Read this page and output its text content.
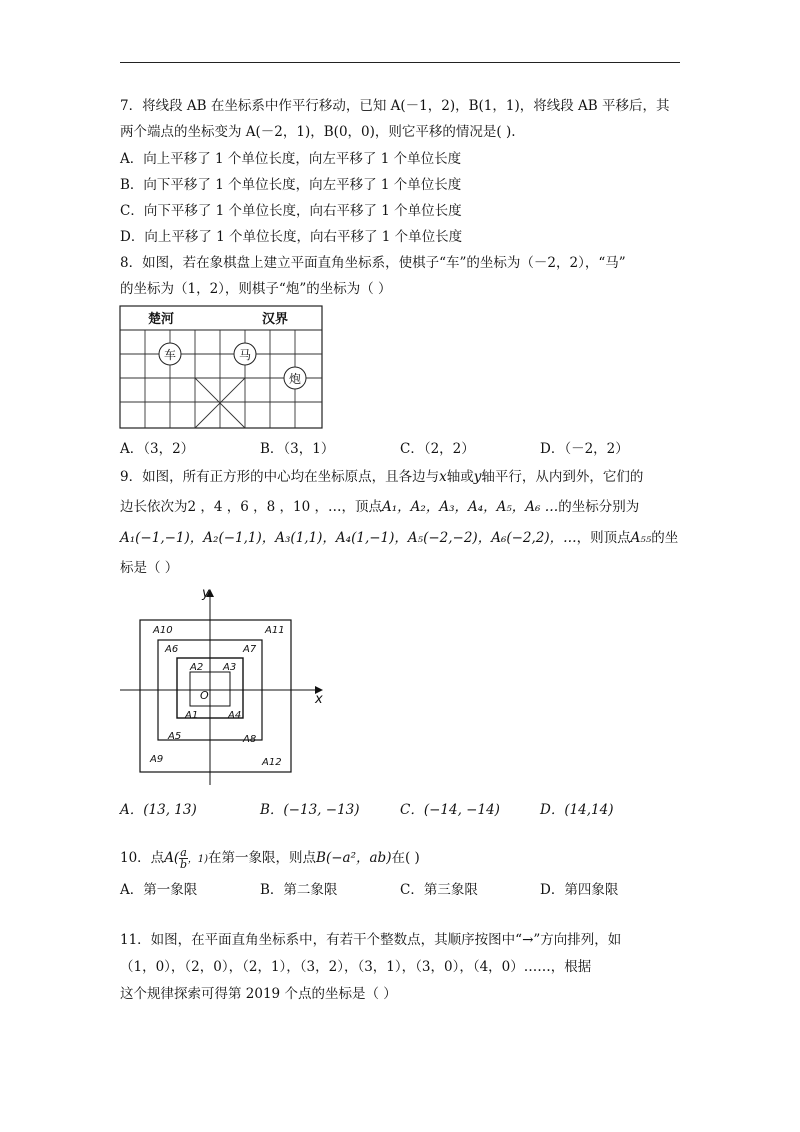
7．将线段 AB 在坐标系中作平行移动，已知 A(－1，2)，B(1，1)，将线段 AB 平移后，其
两个端点的坐标变为 A(－2，1)，B(0，0)，则它平移的情况是( ).
A．向上平移了 1 个单位长度，向左平移了 1 个单位长度
B．向下平移了 1 个单位长度，向左平移了 1 个单位长度
C．向下平移了 1 个单位长度，向右平移了 1 个单位长度
D．向上平移了 1 个单位长度，向右平移了 1 个单位长度
8．如图，若在象棋盘上建立平面直角坐标系，使棋子“车”的坐标为（－2，2），“马”
的坐标为（1，2），则棋子“炮”的坐标为（ ）
楚河	汉界
车	马
炮
A．（3，2）	B．（3，1）	C．（2，2）	D．（－2，2）
9．如图，所有正方形的中心均在坐标原点，且各边与x轴或y轴平行，从内到外，它们的
边长依次为2 ，4 ，6 ，8 ，10 ，…，顶点A₁，A₂，A₃，A₄，A₅，A₆ …的坐标分别为
A₁(−1,−1)，A₂(−1,1)，A₃(1,1)，A₄(1,−1)，A₅(−2,−2)，A₆(−2,2)，…，则顶点A₅₅的坐
标是（ ）
y
x
O
A10	A11
A6	A7
A2 A3
A1	A4
A5	A8
A9	A12
A．(13, 13)	B．(−13, −13)	C．(−14, −14)	D．(14,14)
10．点$A( \frac{a}{b}$ ，1)在第一象限，则点B(−a²，ab)在( )
A．第一象限	B．第二象限	C．第三象限	D．第四象限
11．如图，在平面直角坐标系中，有若干个整数点，其顺序按图中“→”方向排列，如
（1，0），（2，0），（2，1），（3，2），（3，1），（3，0），（4，0）……，根据
这个规律探索可得第 2019 个点的坐标是（ ）
